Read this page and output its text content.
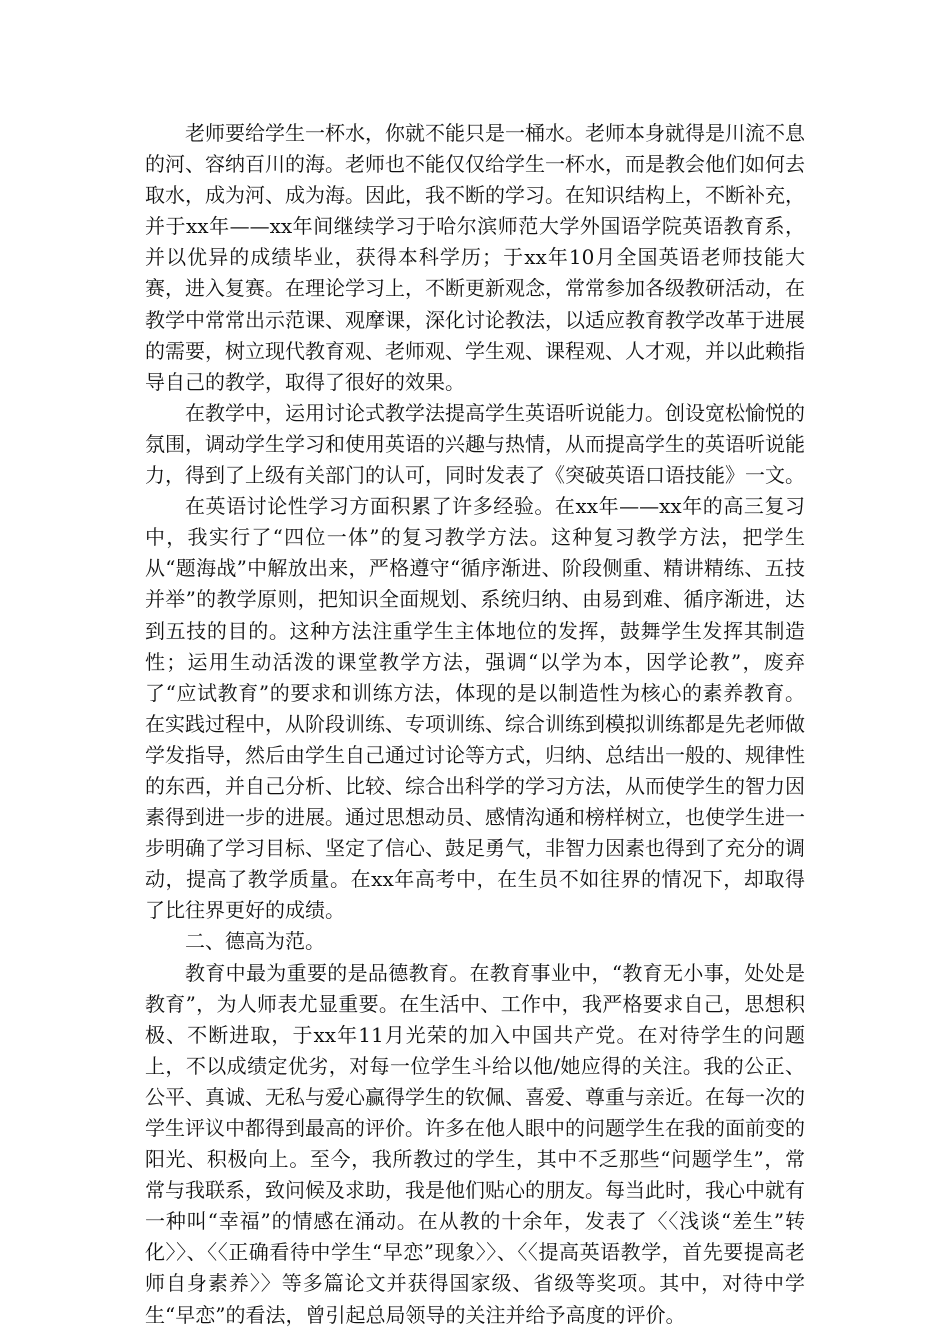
老师要给学生一杯水，你就不能只是一桶水。老师本身就得是川流不息的河、容纳百川的海。老师也不能仅仅给学生一杯水，而是教会他们如何去取水，成为河、成为海。因此，我不断的学习。在知识结构上，不断补充，并于xx年——xx年间继续学习于哈尔滨师范大学外国语学院英语教育系，并以优异的成绩毕业，获得本科学历；于xx年10月全国英语老师技能大赛，进入复赛。在理论学习上，不断更新观念，常常参加各级教研活动，在教学中常常出示范课、观摩课，深化讨论教法，以适应教育教学改革于进展的需要，树立现代教育观、老师观、学生观、课程观、人才观，并以此赖指导自己的教学，取得了很好的效果。

在教学中，运用讨论式教学法提高学生英语听说能力。创设宽松愉悦的氛围，调动学生学习和使用英语的兴趣与热情，从而提高学生的英语听说能力，得到了上级有关部门的认可，同时发表了《突破英语口语技能》一文。

在英语讨论性学习方面积累了许多经验。在xx年——xx年的高三复习中，我实行了“四位一体”的复习教学方法。这种复习教学方法，把学生从“题海战”中解放出来，严格遵守“循序渐进、阶段侧重、精讲精练、五技并举”的教学原则，把知识全面规划、系统归纳、由易到难、循序渐进，达到五技的目的。这种方法注重学生主体地位的发挥，鼓舞学生发挥其制造性；运用生动活泼的课堂教学方法，强调“以学为本，因学论教”，废弃了“应试教育”的要求和训练方法，体现的是以制造性为核心的素养教育。在实践过程中，从阶段训练、专项训练、综合训练到模拟训练都是先老师做学发指导，然后由学生自己通过讨论等方式，归纳、总结出一般的、规律性的东西，并自己分析、比较、综合出科学的学习方法，从而使学生的智力因素得到进一步的进展。通过思想动员、感情沟通和榜样树立，也使学生进一步明确了学习目标、坚定了信心、鼓足勇气，非智力因素也得到了充分的调动，提高了教学质量。在xx年高考中，在生员不如往界的情况下，却取得了比往界更好的成绩。

二、德高为范。

教育中最为重要的是品德教育。在教育事业中，“教育无小事，处处是教育”，为人师表尤显重要。在生活中、工作中，我严格要求自己，思想积极、不断进取，于xx年11月光荣的加入中国共产党。在对待学生的问题上，不以成绩定优劣，对每一位学生斗给以他/她应得的关注。我的公正、公平、真诚、无私与爱心赢得学生的钦佩、喜爱、尊重与亲近。在每一次的学生评议中都得到最高的评价。许多在他人眼中的问题学生在我的面前变的阳光、积极向上。至今，我所教过的学生，其中不乏那些“问题学生”，常常与我联系，致问候及求助，我是他们贴心的朋友。每当此时，我心中就有一种叫“幸福”的情感在涌动。在从教的十余年，发表了〈〈浅谈“差生”转化〉〉、〈〈正确看待中学生“早恋”现象〉〉、〈〈提高英语教学，首先要提高老师自身素养〉〉等多篇论文并获得国家级、省级等奖项。其中，对待中学生“早恋”的看法，曾引起总局领导的关注并给予高度的评价。
